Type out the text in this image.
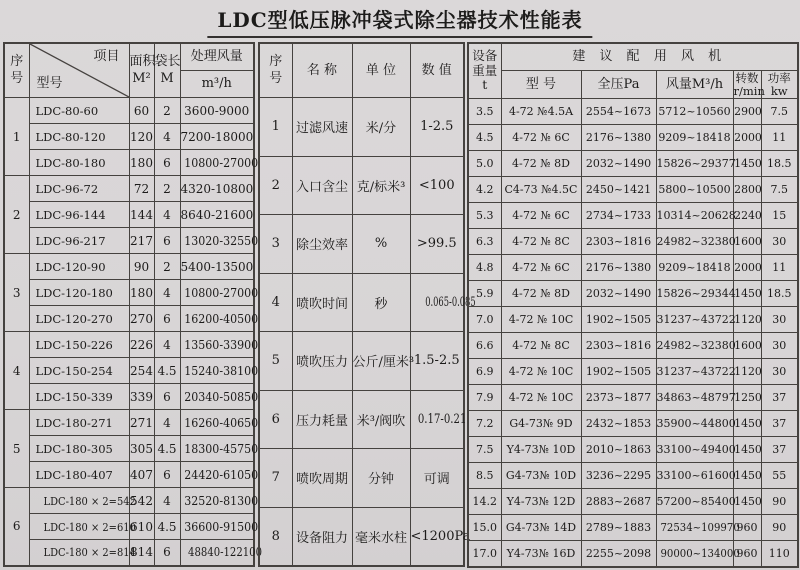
LDC型低压脉冲袋式除尘器技术性能表
序
号

项目
型号

面积
M²

袋长
M

处理风量
m³/h

1	LDC-80-60	60	2	3600-9000
	LDC-80-120	120	4	7200-18000
	LDC-80-180	180	6	10800-27000
2	LDC-96-72	72	2	4320-10800
	LDC-96-144	144	4	8640-21600
	LDC-96-217	217	6	13020-32550
3	LDC-120-90	90	2	5400-13500
	LDC-120-180	180	4	10800-27000
	LDC-120-270	270	6	16200-40500
4	LDC-150-226	226	4	13560-33900
	LDC-150-254	254	4.5	15240-38100
	LDC-150-339	339	6	20340-50850
5	LDC-180-271	271	4	16260-40650
	LDC-180-305	305	4.5	18300-45750
	LDC-180-407	407	6	24420-61050
6	LDC-180 × 2=542	542	4	32520-81300
	LDC-180 × 2=610	610	4.5	36600-91500
	LDC-180 × 2=814	814	6	48840-122100
序
号	名 称	单 位	数 值
1	过滤风速	米/分	1-2.5
2	入口含尘	克/标米³	<100
3	除尘效率	%	>99.5
4	喷吹时间	秒	0.065-0.085
5	喷吹压力	公斤/厘米³	1.5-2.5
6	压力耗量	米³/阀吹	0.17-0.21
7	喷吹周期	分钟	可调
8	设备阻力	毫米水柱	<1200Pa
设备
重量
t	建 议 配 用 风 机				
型 号	全压Pa	风量M³/h	转数
r/min

功率
kw

3.5	4-72 №4.5A	2554~1673	5712~10560	2900	7.5
4.5	4-72 № 6C	2176~1380	9209~18418	2000	11
5.0	4-72 № 8D	2032~1490	15826~29377	1450	18.5
4.2	C4-73 №4.5C	2450~1421	5800~10500	2800	7.5
5.3	4-72 № 6C	2734~1733	10314~20628	2240	15
6.3	4-72 № 8C	2303~1816	24982~32380	1600	30
4.8	4-72 № 6C	2176~1380	9209~18418	2000	11
5.9	4-72 № 8D	2032~1490	15826~29344	1450	18.5
7.0	4-72 № 10C	1902~1505	31237~43722	1120	30
6.6	4-72 № 8C	2303~1816	24982~32380	1600	30
6.9	4-72 № 10C	1902~1505	31237~43722	1120	30
7.9	4-72 № 10C	2373~1877	34863~48797	1250	37
7.2	G4-73№ 9D	2432~1853	35900~44800	1450	37
7.5	Y4-73№ 10D	2010~1863	33100~49400	1450	37
8.5	G4-73№ 10D	3236~2295	33100~61600	1450	55
14.2	Y4-73№ 12D	2883~2687	57200~85400	1450	90
15.0	G4-73№ 14D	2789~1883	72534~109970	960	90
17.0	Y4-73№ 16D	2255~2098	90000~134000	960	110
